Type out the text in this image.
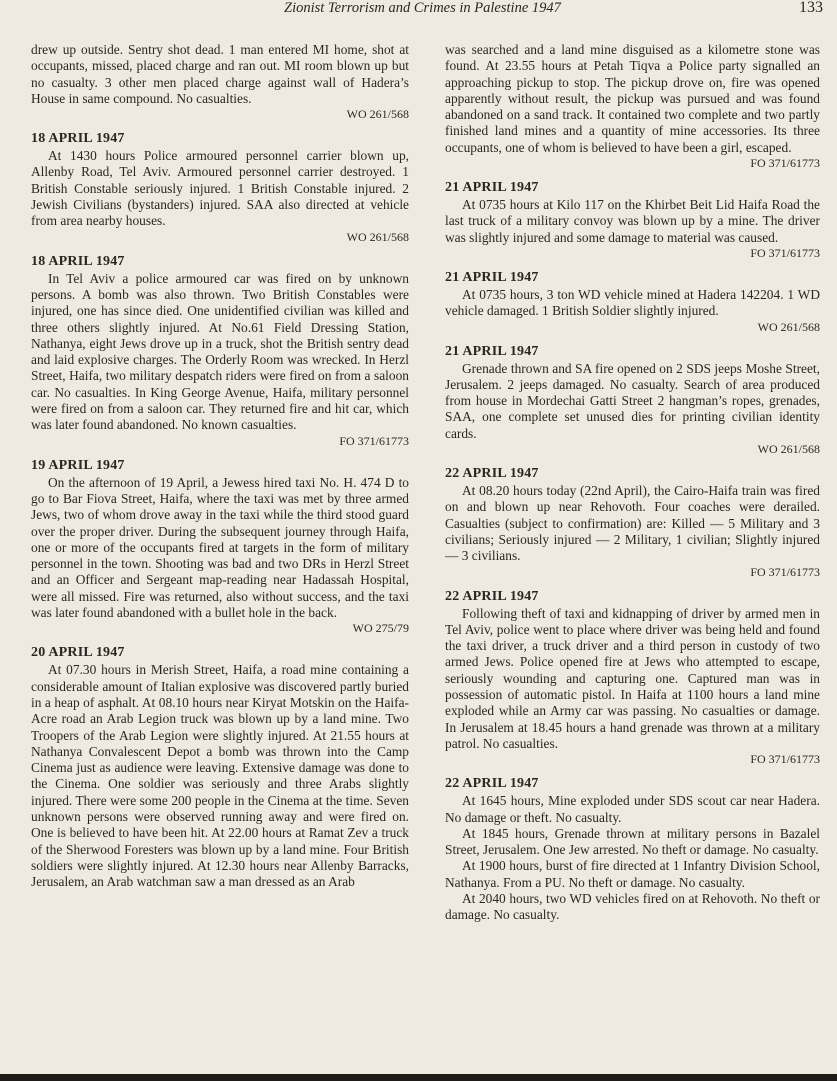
Zionist Terrorism and Crimes in Palestine 1947	133

drew up outside. Sentry shot dead. 1 man entered MI home, shot at occupants, missed, placed charge and ran out. MI room blown up but no casualty. 3 other men placed charge against wall of Hadera’s House in same compound. No casualties.

WO 261/568

18 APRIL 1947

At 1430 hours Police armoured personnel carrier blown up, Allenby Road, Tel Aviv. Armoured personnel carrier destroyed. 1 British Constable seriously injured. 1 British Constable injured. 2 Jewish Civilians (bystanders) injured. SAA also directed at vehicle from area nearby houses.

WO 261/568

18 APRIL 1947

In Tel Aviv a police armoured car was fired on by unknown persons. A bomb was also thrown. Two British Constables were injured, one has since died. One unidentified civilian was killed and three others slightly injured. At No.61 Field Dressing Station, Nathanya, eight Jews drove up in a truck, shot the British sentry dead and laid explosive charges. The Orderly Room was wrecked. In Herzl Street, Haifa, two military despatch riders were fired on from a saloon car. No casualties. In King George Avenue, Haifa, military personnel were fired on from a saloon car. They returned fire and hit car, which was later found abandoned. No known casualties.

FO 371/61773

19 APRIL 1947

On the afternoon of 19 April, a Jewess hired taxi No. H. 474 D to go to Bar Fiova Street, Haifa, where the taxi was met by three armed Jews, two of whom drove away in the taxi while the third stood guard over the proper driver. During the subsequent journey through Haifa, one or more of the occupants fired at targets in the form of military personnel in the town. Shooting was bad and two DRs in Herzl Street and an Officer and Sergeant map-reading near Hadassah Hospital, were all missed. Fire was returned, also without success, and the taxi was later found abandoned with a bullet hole in the back.

WO 275/79

20 APRIL 1947

At 07.30 hours in Merish Street, Haifa, a road mine containing a considerable amount of Italian explosive was discovered partly buried in a heap of asphalt. At 08.10 hours near Kiryat Motskin on the Haifa-Acre road an Arab Legion truck was blown up by a land mine. Two Troopers of the Arab Legion were slightly injured. At 21.55 hours at Nathanya Convalescent Depot a bomb was thrown into the Camp Cinema just as audience were leaving. Extensive damage was done to the Cinema. One soldier was seriously and three Arabs slightly injured. There were some 200 people in the Cinema at the time. Seven unknown persons were observed running away and were fired on. One is believed to have been hit. At 22.00 hours at Ramat Zev a truck of the Sherwood Foresters was blown up by a land mine. Four British soldiers were slightly injured. At 12.30 hours near Allenby Barracks, Jerusalem, an Arab watchman saw a man dressed as an Arab

was searched and a land mine disguised as a kilometre stone was found. At 23.55 hours at Petah Tiqva a Police party signalled an approaching pickup to stop. The pickup drove on, fire was opened apparently without result, the pickup was pursued and was found abandoned on a sand track. It contained two complete and two partly finished land mines and a quantity of mine accessories. Its three occupants, one of whom is believed to have been a girl, escaped.

FO 371/61773

21 APRIL 1947

At 0735 hours at Kilo 117 on the Khirbet Beit Lid Haifa Road the last truck of a military convoy was blown up by a mine. The driver was slightly injured and some damage to material was caused.

FO 371/61773

21 APRIL 1947

At 0735 hours, 3 ton WD vehicle mined at Hadera 142204. 1 WD vehicle damaged. 1 British Soldier slightly injured.

WO 261/568

21 APRIL 1947

Grenade thrown and SA fire opened on 2 SDS jeeps Moshe Street, Jerusalem. 2 jeeps damaged. No casualty. Search of area produced from house in Mordechai Gatti Street 2 hangman’s ropes, grenades, SAA, one complete set unused dies for printing civilian identity cards.

WO 261/568

22 APRIL 1947

At 08.20 hours today (22nd April), the Cairo-Haifa train was fired on and blown up near Rehovoth. Four coaches were derailed. Casualties (subject to confirmation) are: Killed — 5 Military and 3 civilians; Seriously injured — 2 Military, 1 civilian; Slightly injured — 3 civilians.

FO 371/61773

22 APRIL 1947

Following theft of taxi and kidnapping of driver by armed men in Tel Aviv, police went to place where driver was being held and found the taxi driver, a truck driver and a third person in custody of two armed Jews. Police opened fire at Jews who attempted to escape, seriously wounding and capturing one. Captured man was in possession of automatic pistol. In Haifa at 1100 hours a land mine exploded while an Army car was passing. No casualties or damage. In Jerusalem at 18.45 hours a hand grenade was thrown at a military patrol. No casualties.

FO 371/61773

22 APRIL 1947

At 1645 hours, Mine exploded under SDS scout car near Hadera. No damage or theft. No casualty.

At 1845 hours, Grenade thrown at military persons in Bazalel Street, Jerusalem. One Jew arrested. No theft or damage. No casualty.

At 1900 hours, burst of fire directed at 1 Infantry Division School, Nathanya. From a PU. No theft or damage. No casualty.

At 2040 hours, two WD vehicles fired on at Rehovoth. No theft or damage. No casualty.
